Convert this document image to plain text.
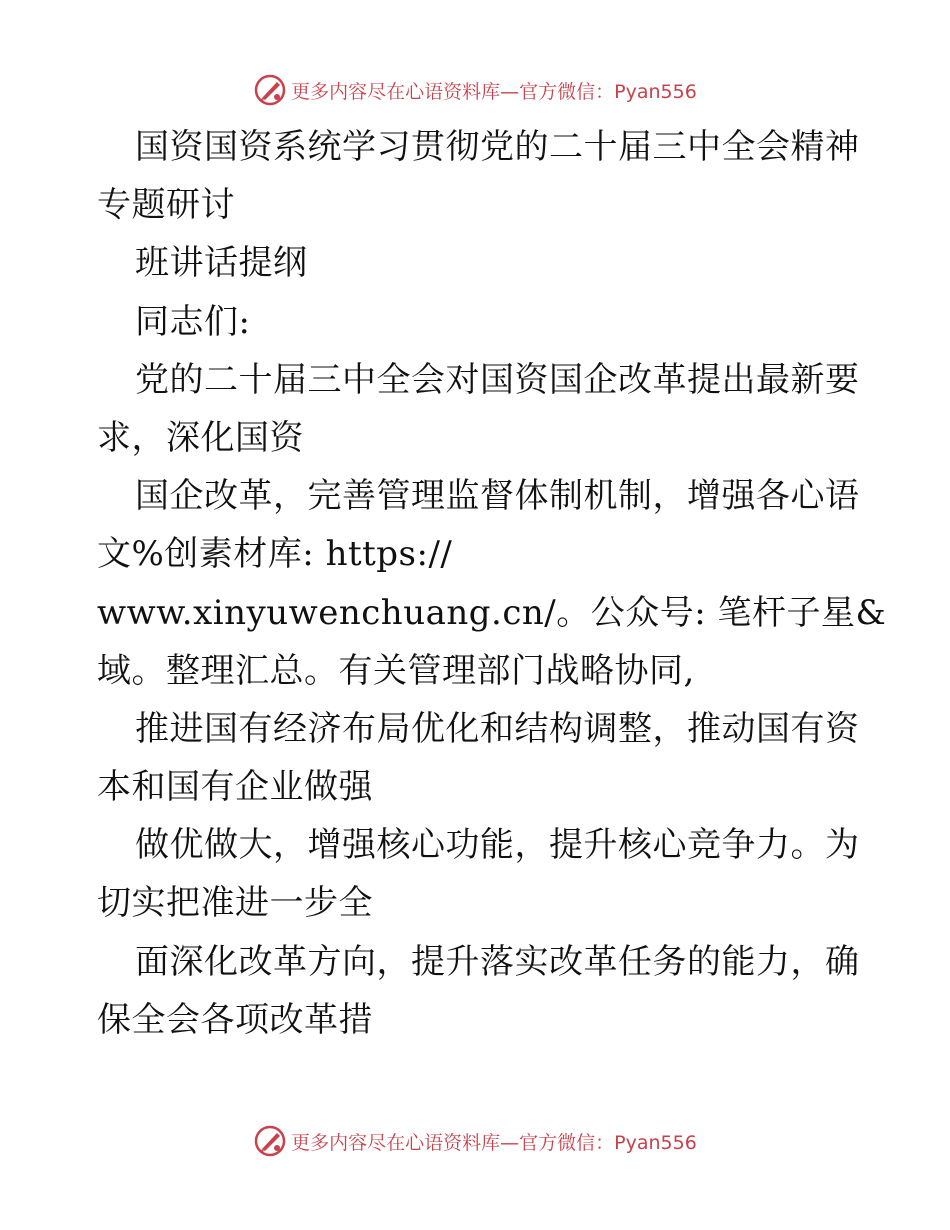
更多内容尽在心语资料库—官方微信：Pyan556
国资国资系统学习贯彻党的二十届三中全会精神
专题研讨
班讲话提纲
同志们:
党的二十届三中全会对国资国企改革提出最新要
求，深化国资
国企改革，完善管理监督体制机制，增强各心语
文%创素材库: https://
www.xinyuwenchuang.cn/。公众号: 笔杆子星&
域。整理汇总。有关管理部门战略协同,
推进国有经济布局优化和结构调整，推动国有资
本和国有企业做强
做优做大，增强核心功能，提升核心竞争力。为
切实把准进一步全
面深化改革方向，提升落实改革任务的能力，确
保全会各项改革措
更多内容尽在心语资料库—官方微信：Pyan556
